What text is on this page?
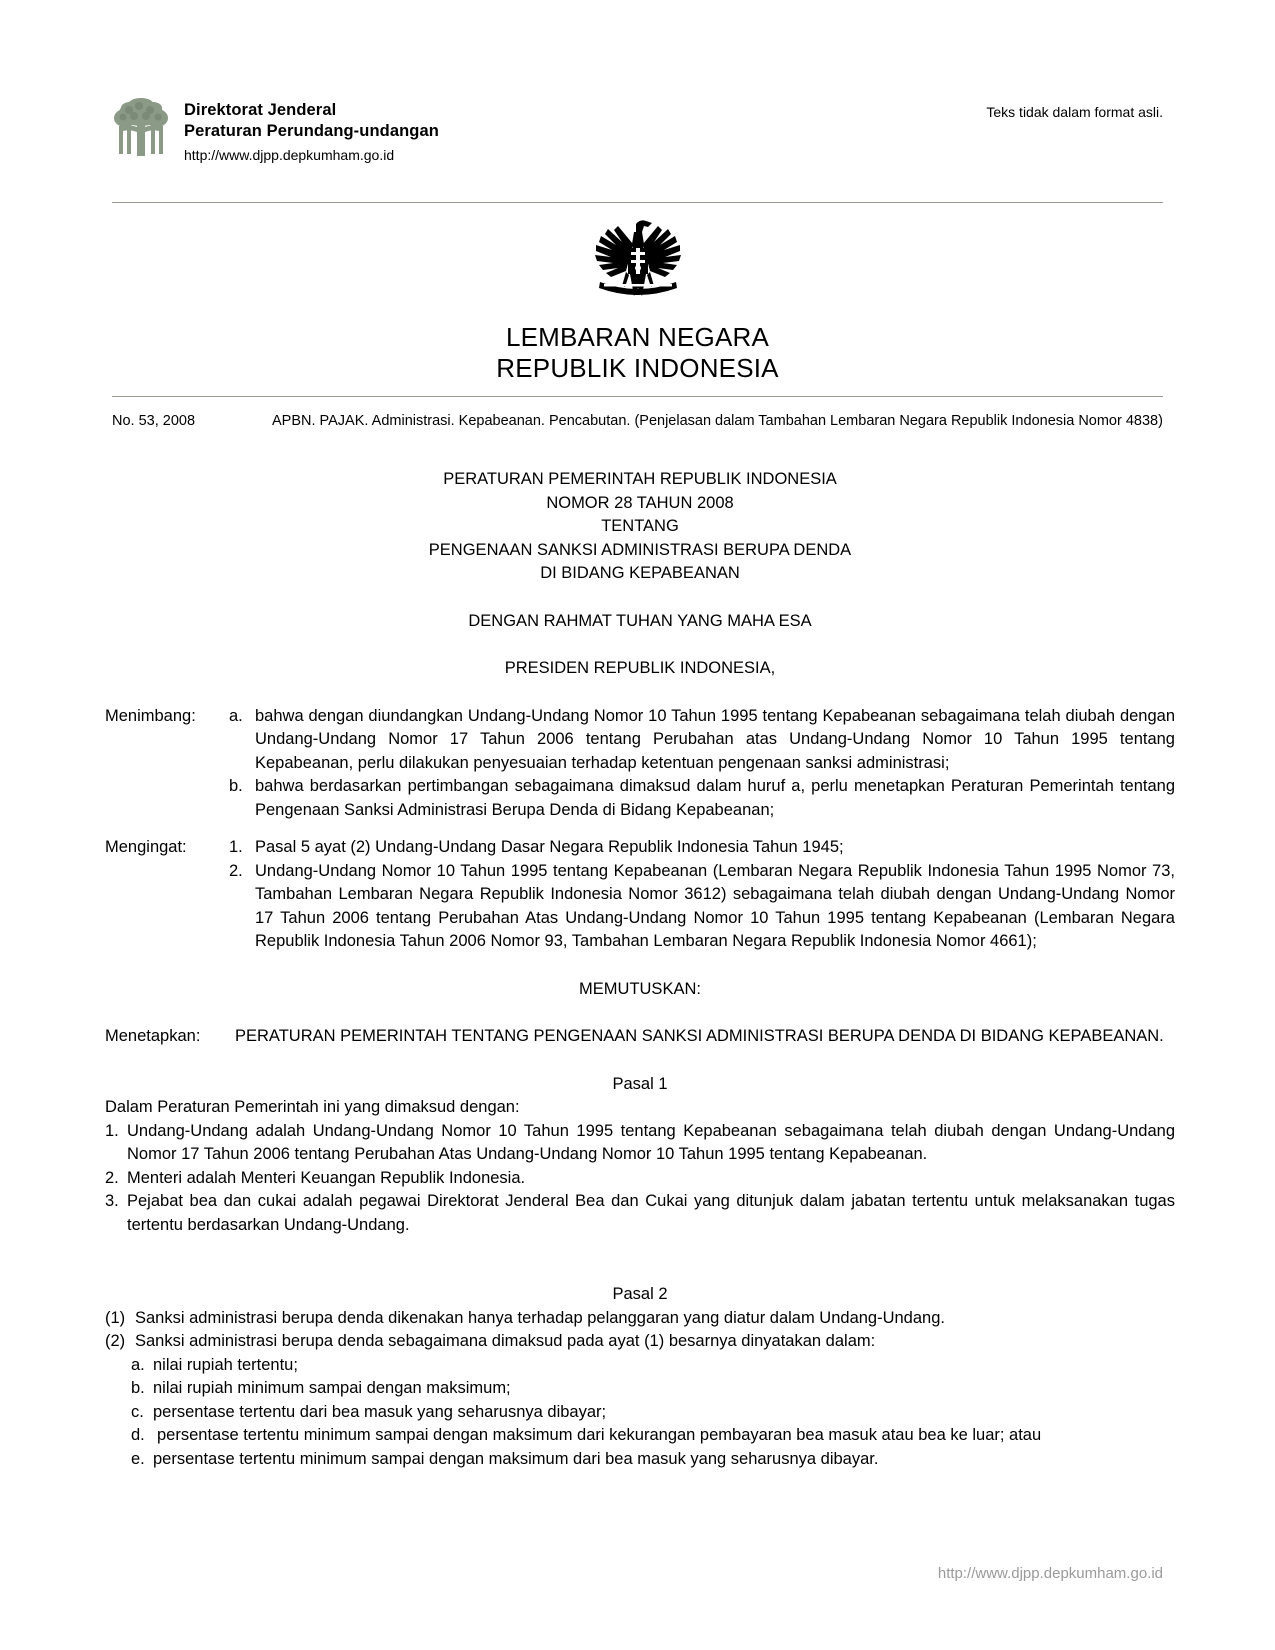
Direktorat Jenderal
Peraturan Perundang-undangan
http://www.djpp.depkumham.go.id
Teks tidak dalam format asli.
LEMBARAN NEGARA
REPUBLIK INDONESIA
No. 53, 2008	APBN. PAJAK. Administrasi. Kepabeanan. Pencabutan. (Penjelasan dalam Tambahan Lembaran Negara Republik Indonesia Nomor 4838)
PERATURAN PEMERINTAH REPUBLIK INDONESIA
NOMOR 28 TAHUN 2008
TENTANG
PENGENAAN SANKSI ADMINISTRASI BERUPA DENDA
DI BIDANG KEPABEANAN
DENGAN RAHMAT TUHAN YANG MAHA ESA
PRESIDEN REPUBLIK INDONESIA,
Menimbang:	a. bahwa dengan diundangkan Undang-Undang Nomor 10 Tahun 1995 tentang Kepabeanan sebagaimana telah diubah dengan Undang-Undang Nomor 17 Tahun 2006 tentang Perubahan atas Undang-Undang Nomor 10 Tahun 1995 tentang Kepabeanan, perlu dilakukan penyesuaian terhadap ketentuan pengenaan sanksi administrasi;
b. bahwa berdasarkan pertimbangan sebagaimana dimaksud dalam huruf a, perlu menetapkan Peraturan Pemerintah tentang Pengenaan Sanksi Administrasi Berupa Denda di Bidang Kepabeanan;
Mengingat:	1. Pasal 5 ayat (2) Undang-Undang Dasar Negara Republik Indonesia Tahun 1945;
2. Undang-Undang Nomor 10 Tahun 1995 tentang Kepabeanan (Lembaran Negara Republik Indonesia Tahun 1995 Nomor 73, Tambahan Lembaran Negara Republik Indonesia Nomor 3612) sebagaimana telah diubah dengan Undang-Undang Nomor 17 Tahun 2006 tentang Perubahan Atas Undang-Undang Nomor 10 Tahun 1995 tentang Kepabeanan (Lembaran Negara Republik Indonesia Tahun 2006 Nomor 93, Tambahan Lembaran Negara Republik Indonesia Nomor 4661);
MEMUTUSKAN:
Menetapkan:	PERATURAN PEMERINTAH TENTANG PENGENAAN SANKSI ADMINISTRASI BERUPA DENDA DI BIDANG KEPABEANAN.
Pasal 1
Dalam Peraturan Pemerintah ini yang dimaksud dengan:
1. Undang-Undang adalah Undang-Undang Nomor 10 Tahun 1995 tentang Kepabeanan sebagaimana telah diubah dengan Undang-Undang Nomor 17 Tahun 2006 tentang Perubahan Atas Undang-Undang Nomor 10 Tahun 1995 tentang Kepabeanan.
2. Menteri adalah Menteri Keuangan Republik Indonesia.
3. Pejabat bea dan cukai adalah pegawai Direktorat Jenderal Bea dan Cukai yang ditunjuk dalam jabatan tertentu untuk melaksanakan tugas tertentu berdasarkan Undang-Undang.
Pasal 2
(1) Sanksi administrasi berupa denda dikenakan hanya terhadap pelanggaran yang diatur dalam Undang-Undang.
(2) Sanksi administrasi berupa denda sebagaimana dimaksud pada ayat (1) besarnya dinyatakan dalam:
a. nilai rupiah tertentu;
b. nilai rupiah minimum sampai dengan maksimum;
c. persentase tertentu dari bea masuk yang seharusnya dibayar;
d. persentase tertentu minimum sampai dengan maksimum dari kekurangan pembayaran bea masuk atau bea ke luar; atau
e. persentase tertentu minimum sampai dengan maksimum dari bea masuk yang seharusnya dibayar.
http://www.djpp.depkumham.go.id
